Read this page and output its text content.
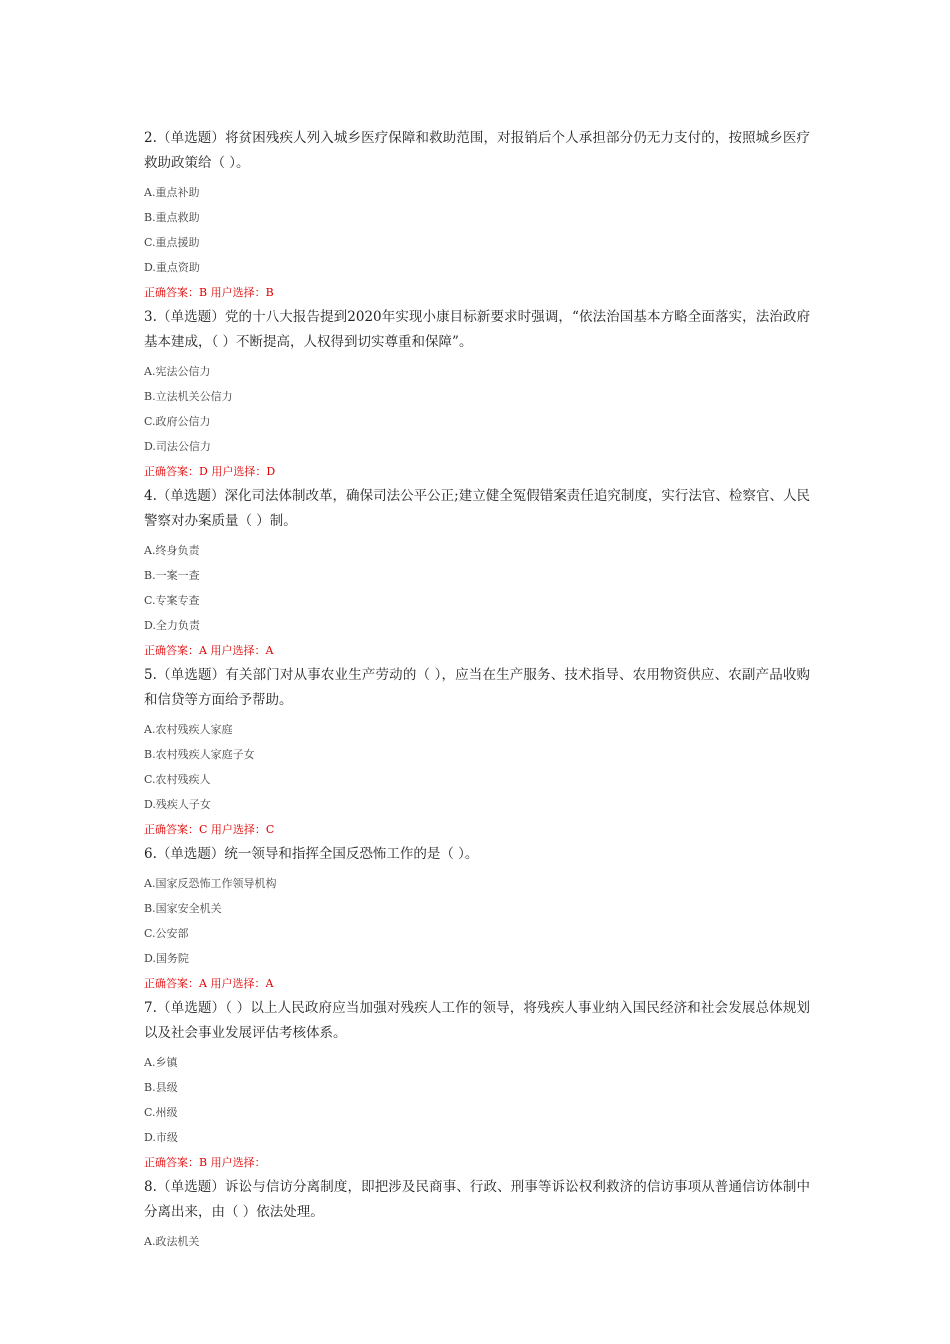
2.（单选题）将贫困残疾人列入城乡医疗保障和救助范围，对报销后个人承担部分仍无力支付的，按照城乡医疗救助政策给（ ）。

A.重点补助

B.重点救助

C.重点援助

D.重点资助

正确答案：B 用户选择：B

3.（单选题）党的十八大报告提到2020年实现小康目标新要求时强调，“依法治国基本方略全面落实，法治政府基本建成，（ ）不断提高，人权得到切实尊重和保障”。

A.宪法公信力

B.立法机关公信力

C.政府公信力

D.司法公信力

正确答案：D 用户选择：D

4.（单选题）深化司法体制改革，确保司法公平公正;建立健全冤假错案责任追究制度，实行法官、检察官、人民警察对办案质量（ ）制。

A.终身负责

B.一案一查

C.专案专查

D.全力负责

正确答案：A 用户选择：A

5.（单选题）有关部门对从事农业生产劳动的（ ），应当在生产服务、技术指导、农用物资供应、农副产品收购和信贷等方面给予帮助。

A.农村残疾人家庭

B.农村残疾人家庭子女

C.农村残疾人

D.残疾人子女

正确答案：C 用户选择：C

6.（单选题）统一领导和指挥全国反恐怖工作的是（ ）。

A.国家反恐怖工作领导机构

B.国家安全机关

C.公安部

D.国务院

正确答案：A 用户选择：A

7.（单选题）（ ）以上人民政府应当加强对残疾人工作的领导，将残疾人事业纳入国民经济和社会发展总体规划以及社会事业发展评估考核体系。

A.乡镇

B.县级

C.州级

D.市级

正确答案：B 用户选择：

8.（单选题）诉讼与信访分离制度，即把涉及民商事、行政、刑事等诉讼权利救济的信访事项从普通信访体制中分离出来，由（ ）依法处理。

A.政法机关
